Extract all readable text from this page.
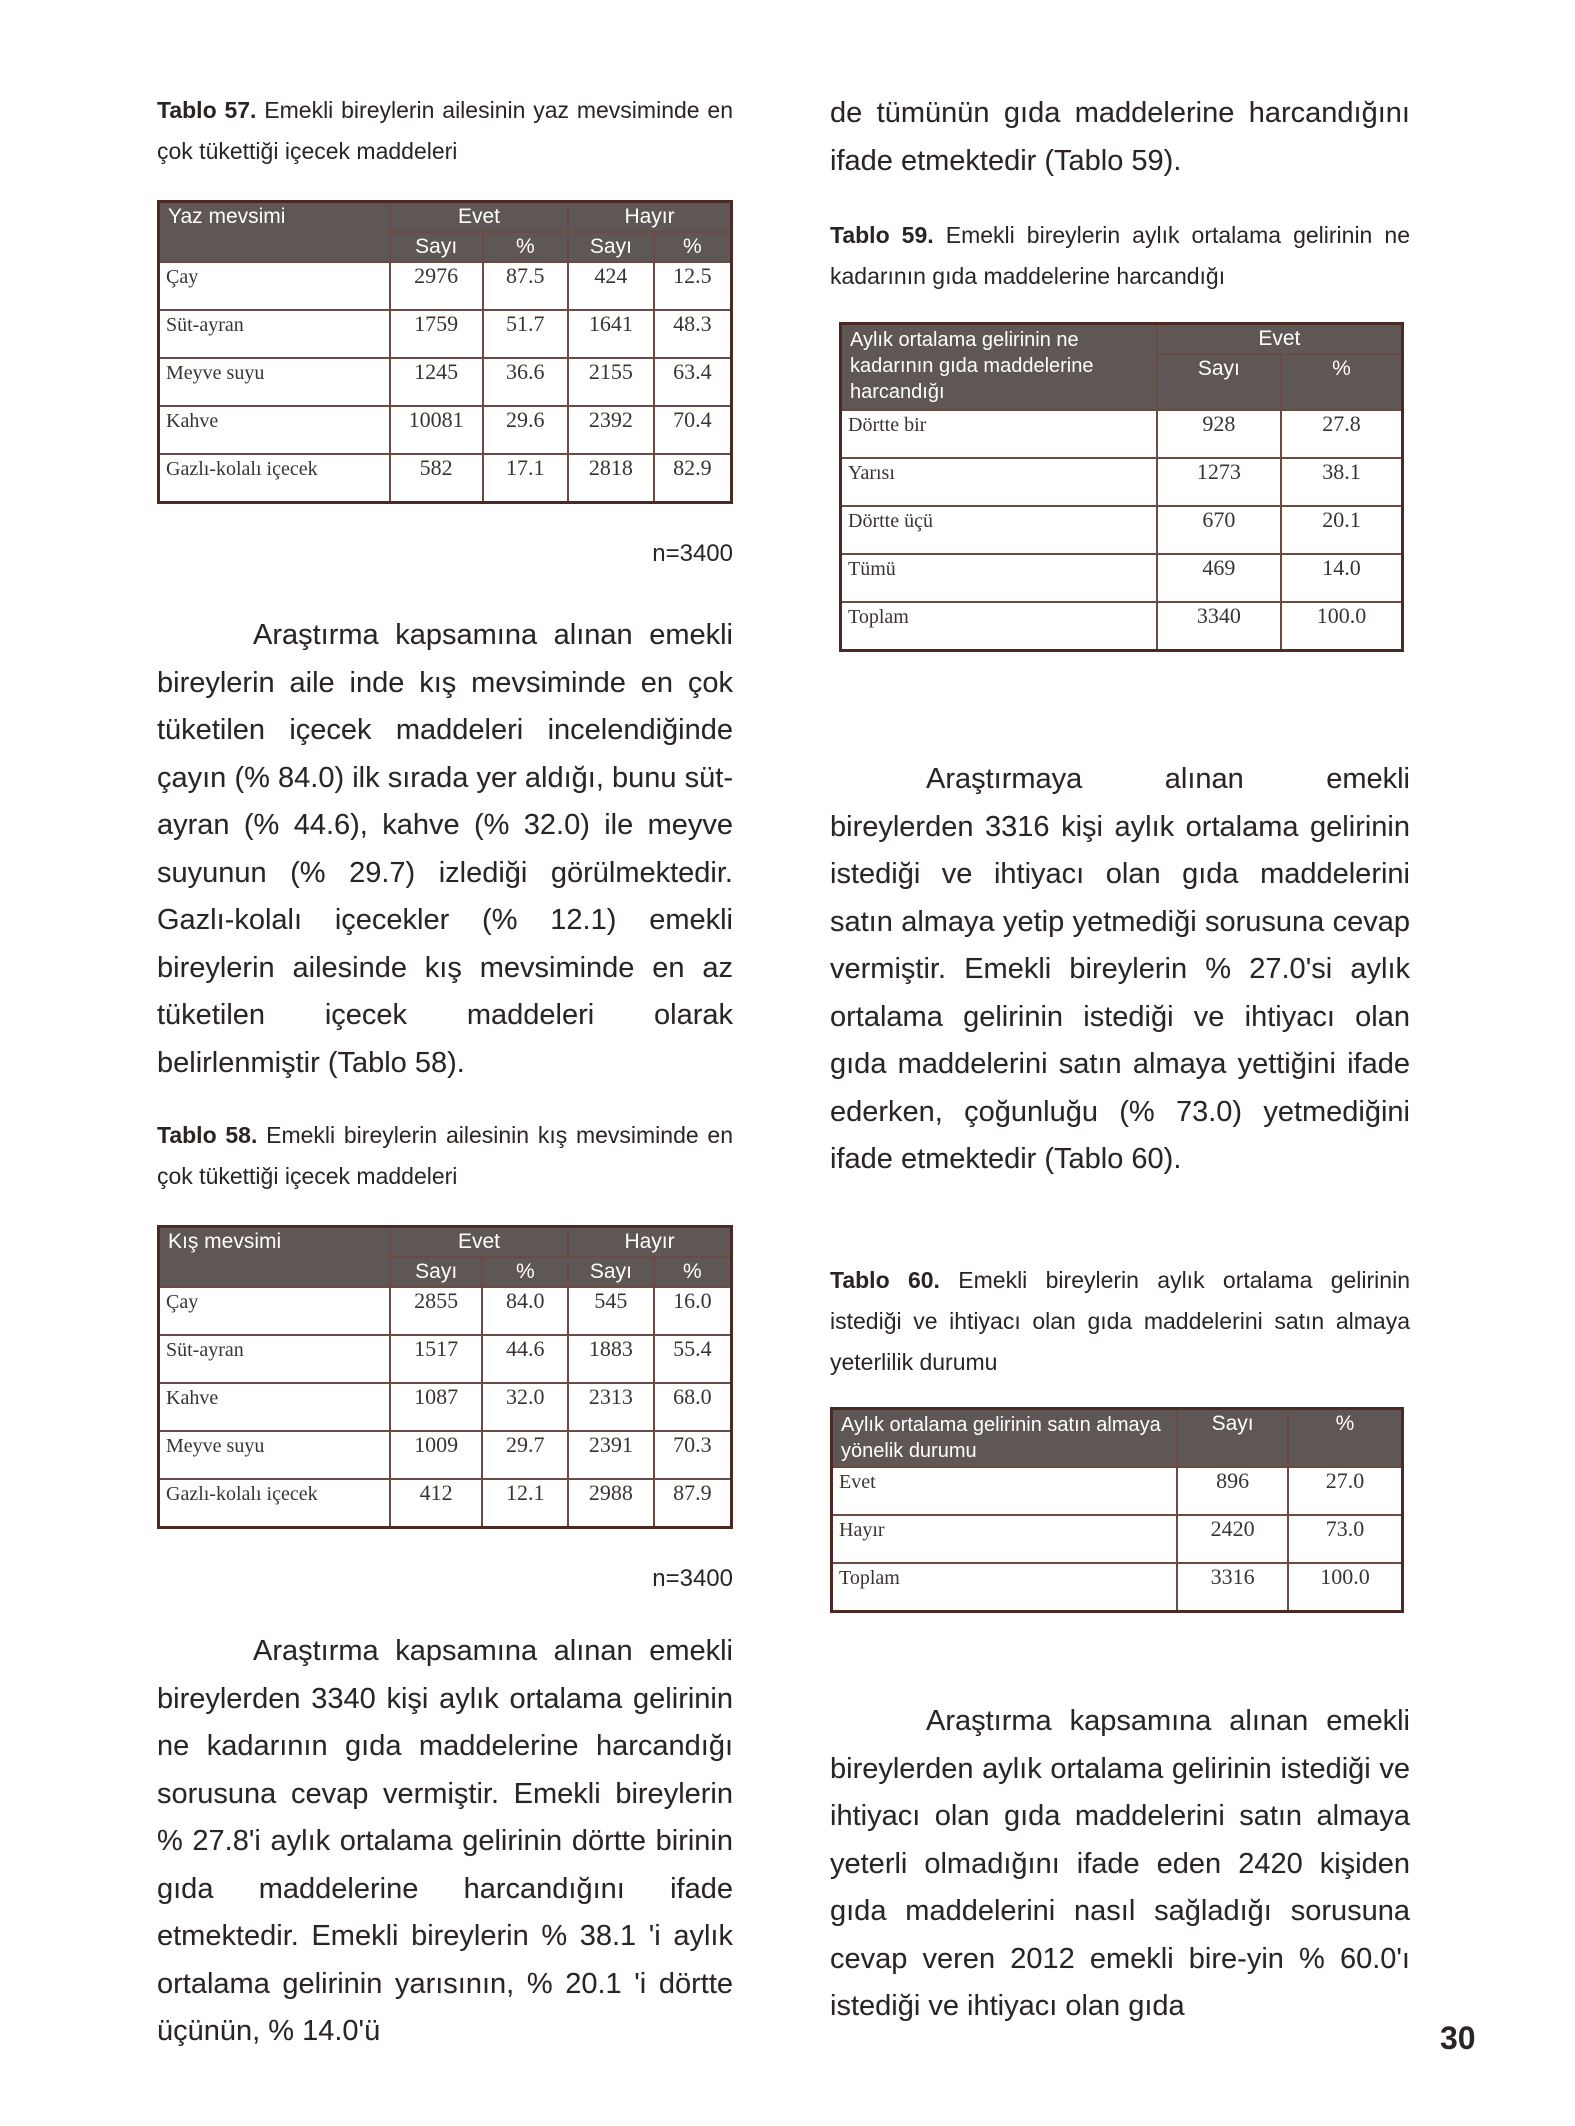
Tablo 57. Emekli bireylerin ailesinin yaz mevsiminde en çok tükettiği içecek maddeleri
Yaz mevsimi	Evet		Hayır	
	Sayı	%	Sayı	%
Çay	2976	87.5	424	12.5
Süt-ayran	1759	51.7	1641	48.3
Meyve suyu	1245	36.6	2155	63.4
Kahve	10081	29.6	2392	70.4
Gazlı-kolalı içecek	582	17.1	2818	82.9
n=3400
Araştırma kapsamına alınan emekli bireylerin aile inde kış mevsiminde en çok tüketilen içecek maddeleri incelendiğinde çayın (% 84.0) ilk sırada yer aldığı, bunu süt-ayran (% 44.6), kahve (% 32.0) ile meyve suyunun (% 29.7) izlediği görülmektedir. Gazlı-kolalı içecekler (% 12.1) emekli bireylerin ailesinde kış mevsiminde en az tüketilen içecek maddeleri olarak belirlenmiştir (Tablo 58).
Tablo 58. Emekli bireylerin ailesinin kış mevsiminde en çok tükettiği içecek maddeleri
Kış mevsimi	Evet		Hayır	
	Sayı	%	Sayı	%
Çay	2855	84.0	545	16.0
Süt-ayran	1517	44.6	1883	55.4
Kahve	1087	32.0	2313	68.0
Meyve suyu	1009	29.7	2391	70.3
Gazlı-kolalı içecek	412	12.1	2988	87.9
n=3400
Araştırma kapsamına alınan emekli bireylerden 3340 kişi aylık ortalama gelirinin ne kadarının gıda maddelerine harcandığı sorusuna cevap vermiştir. Emekli bireylerin % 27.8'i aylık ortalama gelirinin dörtte birinin gıda maddelerine harcandığını ifade etmektedir. Emekli bireylerin % 38.1 'i aylık ortalama gelirinin yarısının, % 20.1 'i dörtte üçünün, % 14.0'ü
de tümünün gıda maddelerine harcandığını ifade etmektedir (Tablo 59).
Tablo 59. Emekli bireylerin aylık ortalama gelirinin ne kadarının gıda maddelerine harcandığı
Aylık ortalama gelirinin ne kadarının gıda maddelerine harcandığı	Evet	
	Sayı	%
Dörtte bir	928	27.8
Yarısı	1273	38.1
Dörtte üçü	670	20.1
Tümü	469	14.0
Toplam	3340	100.0
Araştırmaya alınan emekli bireylerden 3316 kişi aylık ortalama gelirinin istediği ve ihtiyacı olan gıda maddelerini satın almaya yetip yetmediği sorusuna cevap vermiştir. Emekli bireylerin % 27.0'si aylık ortalama gelirinin istediği ve ihtiyacı olan gıda maddelerini satın almaya yettiğini ifade ederken, çoğunluğu (% 73.0) yetmediğini ifade etmektedir (Tablo 60).
Tablo 60. Emekli bireylerin aylık ortalama gelirinin istediği ve ihtiyacı olan gıda maddelerini satın almaya yeterlilik durumu
Aylık ortalama gelirinin satın almaya yönelik durumu	Sayı	%
Evet	896	27.0
Hayır	2420	73.0
Toplam	3316	100.0
Araştırma kapsamına alınan emekli bireylerden aylık ortalama gelirinin istediği ve ihtiyacı olan gıda maddelerini satın almaya yeterli olmadığını ifade eden 2420 kişiden gıda maddelerini nasıl sağladığı sorusuna cevap veren 2012 emekli bire-yin % 60.0'ı istediği ve ihtiyacı olan gıda
30
